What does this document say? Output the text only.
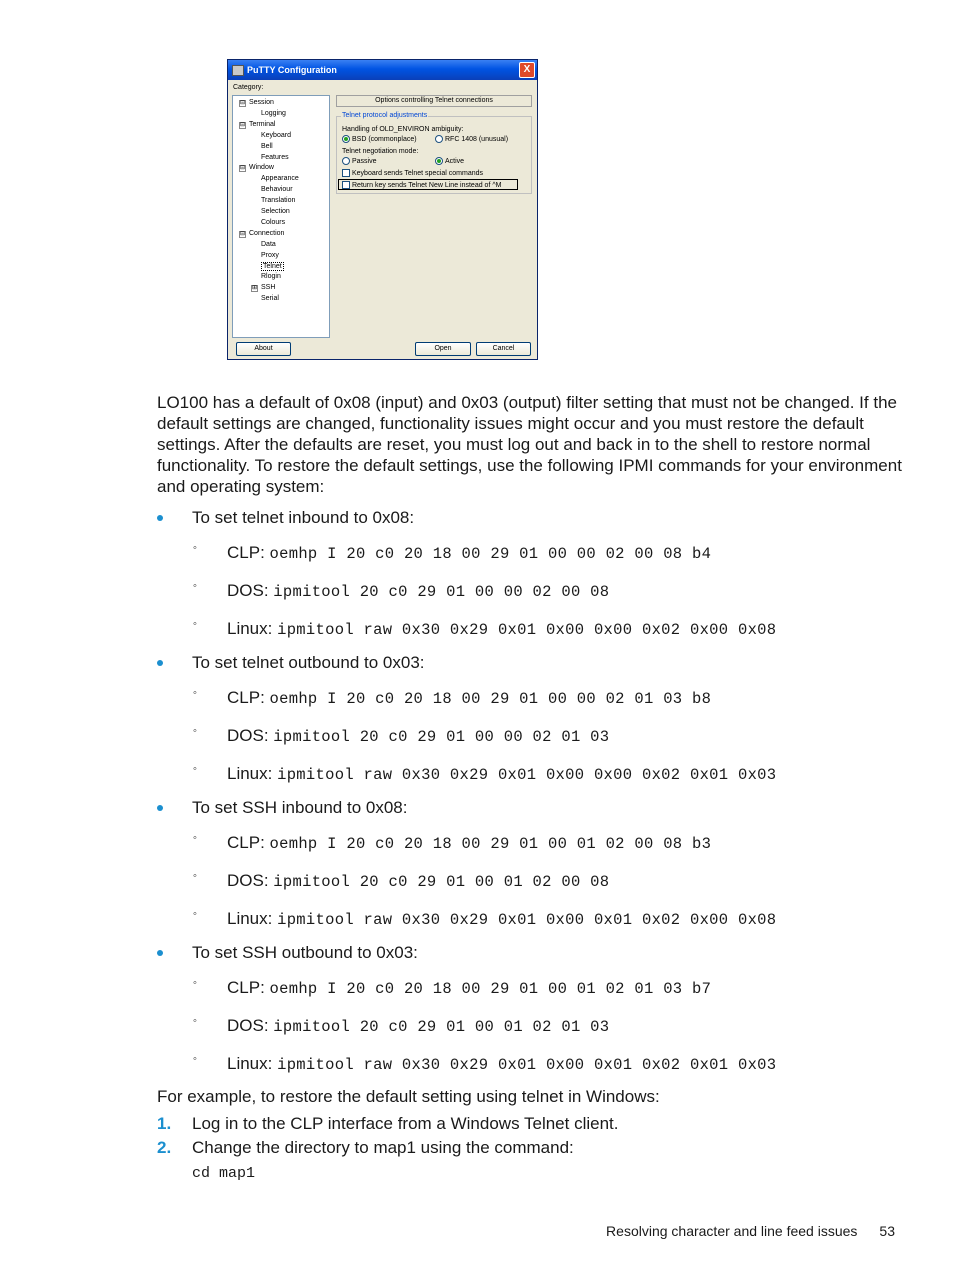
PuTTY Configuration	X
Category:
⊟ Session
Logging
⊟ Terminal
Keyboard
Bell
Features
⊟ Window
Appearance
Behaviour
Translation
Selection
Colours
⊟ Connection
Data
Proxy
Telnet
Rlogin
⊞ SSH
Serial
Options controlling Telnet connections
Telnet protocol adjustments
Handling of OLD_ENVIRON ambiguity:
BSD (commonplace)	RFC 1408 (unusual)
Telnet negotiation mode:
Passive	Active
Keyboard sends Telnet special commands
Return key sends Telnet New Line instead of ^M
About	Open	Cancel
LO100 has a default of 0x08 (input) and 0x03 (output) filter setting that must not be changed. If the default settings are changed, functionality issues might occur and you must restore the default settings. After the defaults are reset, you must log out and back in to the shell to restore normal functionality. To restore the default settings, use the following IPMI commands for your environment and operating system:
To set telnet inbound to 0x08:
◦ CLP: oemhp I 20 c0 20 18 00 29 01 00 00 02 00 08 b4
◦ DOS: ipmitool 20 c0 29 01 00 00 02 00 08
◦ Linux: ipmitool raw 0x30 0x29 0x01 0x00 0x00 0x02 0x00 0x08
To set telnet outbound to 0x03:
◦ CLP: oemhp I 20 c0 20 18 00 29 01 00 00 02 01 03 b8
◦ DOS: ipmitool 20 c0 29 01 00 00 02 01 03
◦ Linux: ipmitool raw 0x30 0x29 0x01 0x00 0x00 0x02 0x01 0x03
To set SSH inbound to 0x08:
◦ CLP: oemhp I 20 c0 20 18 00 29 01 00 01 02 00 08 b3
◦ DOS: ipmitool 20 c0 29 01 00 01 02 00 08
◦ Linux: ipmitool raw 0x30 0x29 0x01 0x00 0x01 0x02 0x00 0x08
To set SSH outbound to 0x03:
◦ CLP: oemhp I 20 c0 20 18 00 29 01 00 01 02 01 03 b7
◦ DOS: ipmitool 20 c0 29 01 00 01 02 01 03
◦ Linux: ipmitool raw 0x30 0x29 0x01 0x00 0x01 0x02 0x01 0x03
For example, to restore the default setting using telnet in Windows:
1. Log in to the CLP interface from a Windows Telnet client.
2. Change the directory to map1 using the command:
cd map1
Resolving character and line feed issues 53
